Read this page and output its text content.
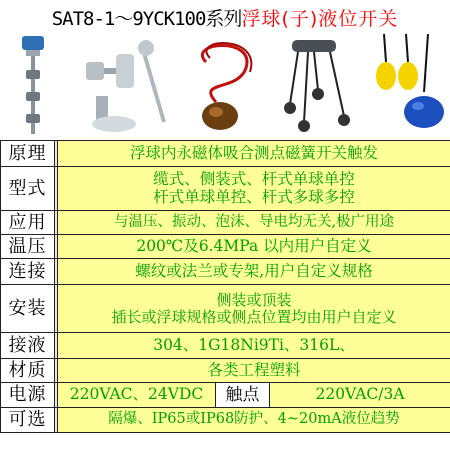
SAT8-1～9YCK100系列 浮球(子)液位开关
原理		浮球内永磁体吸合测点磁簧开关触发		

型式		缆式、侧装式、杆式单球单控
杆式单球单控、杆式多球多控		

应用		与温压、振动、泡沫、导电均无关,极广用途		

温压		200℃及6.4MPa 以内用户自定义		

连接		螺纹或法兰或专架,用户自定义规格		

安装		侧装或顶装
插长或浮球规格或侧点位置均由用户自定义		

接液		304、1G18Ni9Ti、316L、		

材质		各类工程塑料		

电源		220VAC、24VDC	触点	220VAC/3A
可选		隔爆、IP65或IP68防护、4~20mA液位趋势		
